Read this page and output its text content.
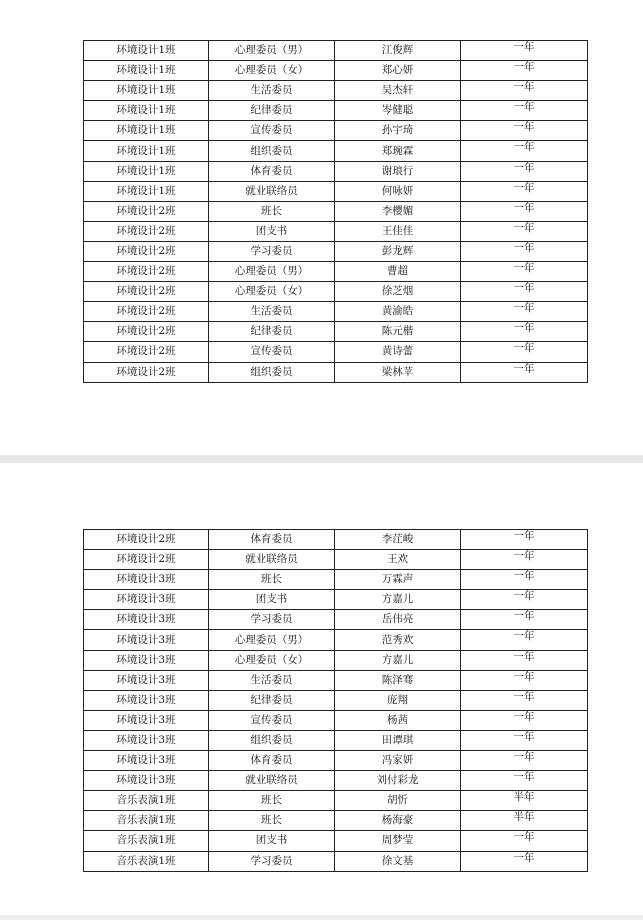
环境设计1班	心理委员（男）	江俊辉	一年
环境设计1班	心理委员（女）	郑心妍	一年
环境设计1班	生活委员	吴杰轩	一年
环境设计1班	纪律委员	岑健聪	一年
环境设计1班	宣传委员	孙宇琦	一年
环境设计1班	组织委员	郑琬霖	一年
环境设计1班	体育委员	谢琅行	一年
环境设计1班	就业联络员	何咏妍	一年
环境设计2班	班长	李樱媚	一年
环境设计2班	团支书	王佳佳	一年
环境设计2班	学习委员	彭龙辉	一年
环境设计2班	心理委员（男）	曹超	一年
环境设计2班	心理委员（女）	徐芝烟	一年
环境设计2班	生活委员	黄渝皓	一年
环境设计2班	纪律委员	陈元楷	一年
环境设计2班	宣传委员	黄诗蕾	一年
环境设计2班	组织委员	梁林苹	一年
环境设计2班	体育委员	李茳峻	一年
环境设计2班	就业联络员	王欢	一年
环境设计3班	班长	万霖声	一年
环境设计3班	团支书	方嘉儿	一年
环境设计3班	学习委员	岳伟亮	一年
环境设计3班	心理委员（男）	范秀欢	一年
环境设计3班	心理委员（女）	方嘉儿	一年
环境设计3班	生活委员	陈泽骞	一年
环境设计3班	纪律委员	庞翔	一年
环境设计3班	宣传委员	杨茜	一年
环境设计3班	组织委员	田谭琪	一年
环境设计3班	体育委员	冯家妍	一年
环境设计3班	就业联络员	刘付彩龙	一年
音乐表演1班	班长	胡忻	半年
音乐表演1班	班长	杨海豪	半年
音乐表演1班	团支书	周梦莹	一年
音乐表演1班	学习委员	徐文基	一年
